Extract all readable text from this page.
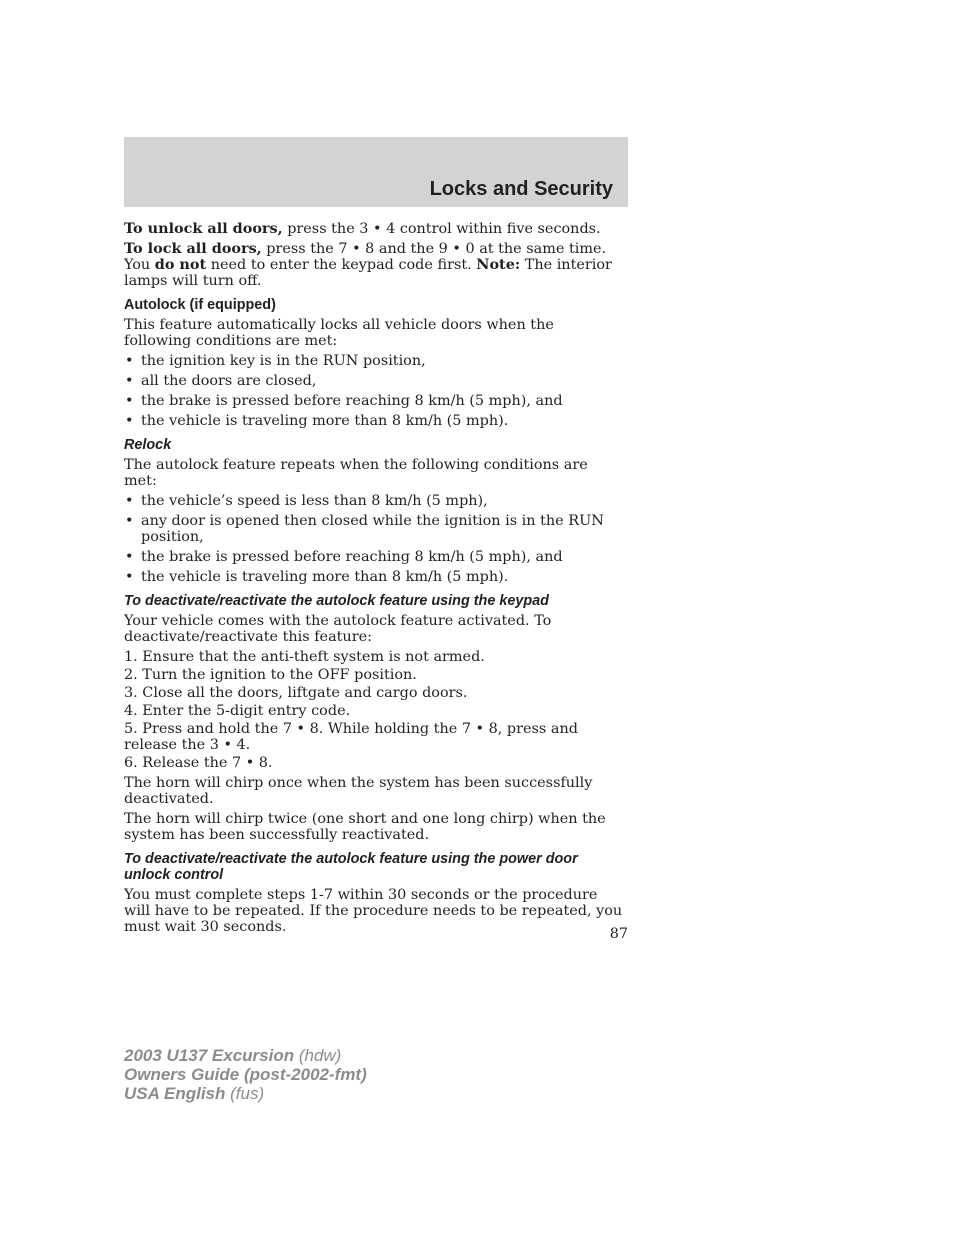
Locks and Security

To unlock all doors, press the 3 • 4 control within five seconds.

To lock all doors, press the 7 • 8 and the 9 • 0 at the same time. You do not need to enter the keypad code first. Note: The interior lamps will turn off.

Autolock (if equipped)

This feature automatically locks all vehicle doors when the following conditions are met:

• the ignition key is in the RUN position,
• all the doors are closed,
• the brake is pressed before reaching 8 km/h (5 mph), and
• the vehicle is traveling more than 8 km/h (5 mph).
Relock

The autolock feature repeats when the following conditions are met:

• the vehicle’s speed is less than 8 km/h (5 mph),
• any door is opened then closed while the ignition is in the RUN position,
• the brake is pressed before reaching 8 km/h (5 mph), and
• the vehicle is traveling more than 8 km/h (5 mph).
To deactivate/reactivate the autolock feature using the keypad

Your vehicle comes with the autolock feature activated. To deactivate/reactivate this feature:

1. Ensure that the anti-theft system is not armed.
2. Turn the ignition to the OFF position.
3. Close all the doors, liftgate and cargo doors.
4. Enter the 5-digit entry code.
5. Press and hold the 7 • 8. While holding the 7 • 8, press and release the 3 • 4.
6. Release the 7 • 8.

The horn will chirp once when the system has been successfully deactivated.

The horn will chirp twice (one short and one long chirp) when the system has been successfully reactivated.

To deactivate/reactivate the autolock feature using the power door unlock control

You must complete steps 1-7 within 30 seconds or the procedure will have to be repeated. If the procedure needs to be repeated, you must wait 30 seconds.	87
2003 U137 Excursion (hdw)
Owners Guide (post-2002-fmt)
USA English (fus)
